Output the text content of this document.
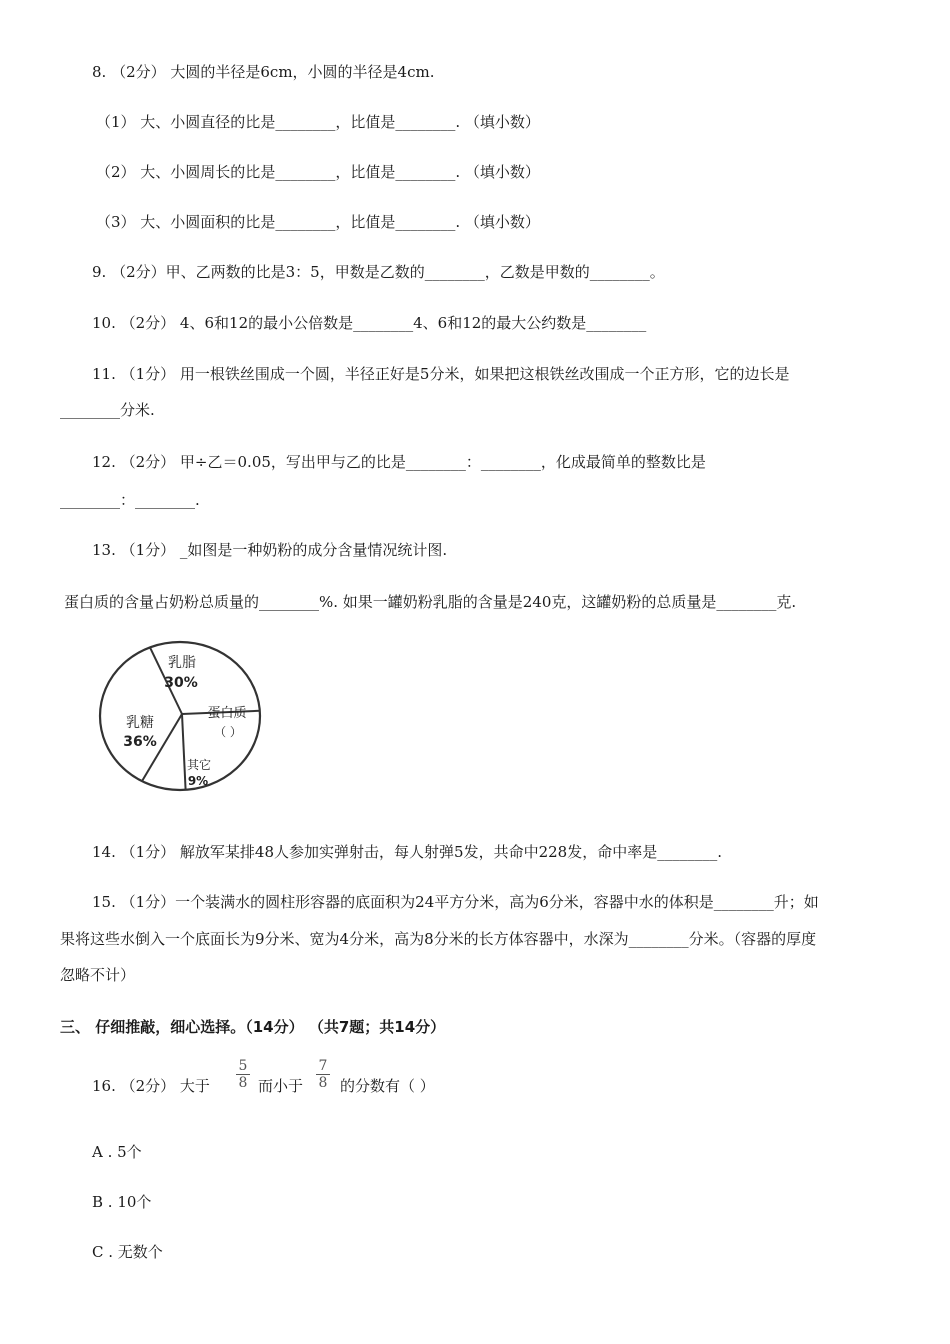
8. （2分） 大圆的半径是6cm，小圆的半径是4cm.
（1） 大、小圆直径的比是________，比值是________. （填小数）
（2） 大、小圆周长的比是________，比值是________. （填小数）
（3） 大、小圆面积的比是________，比值是________. （填小数）
9. （2分）甲、乙两数的比是3：5，甲数是乙数的________，乙数是甲数的________。
10. （2分） 4、6和12的最小公倍数是________4、6和12的最大公约数是________
11. （1分） 用一根铁丝围成一个圆，半径正好是5分米，如果把这根铁丝改围成一个正方形，它的边长是
________分米.
12. （2分） 甲÷乙＝0.05，写出甲与乙的比是________：________，化成最简单的整数比是
________：________.
13. （1分） _如图是一种奶粉的成分含量情况统计图.
蛋白质的含量占奶粉总质量的________%. 如果一罐奶粉乳脂的含量是240克，这罐奶粉的总质量是________克.
乳脂
30%
乳糖
36%
蛋白质
（ ）
其它
9%
14. （1分） 解放军某排48人参加实弹射击，每人射弹5发，共命中228发，命中率是________.
15. （1分）一个装满水的圆柱形容器的底面积为24平方分米，高为6分米，容器中水的体积是________升；如
果将这些水倒入一个底面长为9分米、宽为4分米，高为8分米的长方体容器中，水深为________分米。（容器的厚度
忽略不计）
三、 仔细推敲，细心选择。（14分） （共7题；共14分）
16. （2分） 大于
5
8 而小于
7
8 的分数有（ ）
A . 5个
B . 10个
C . 无数个
